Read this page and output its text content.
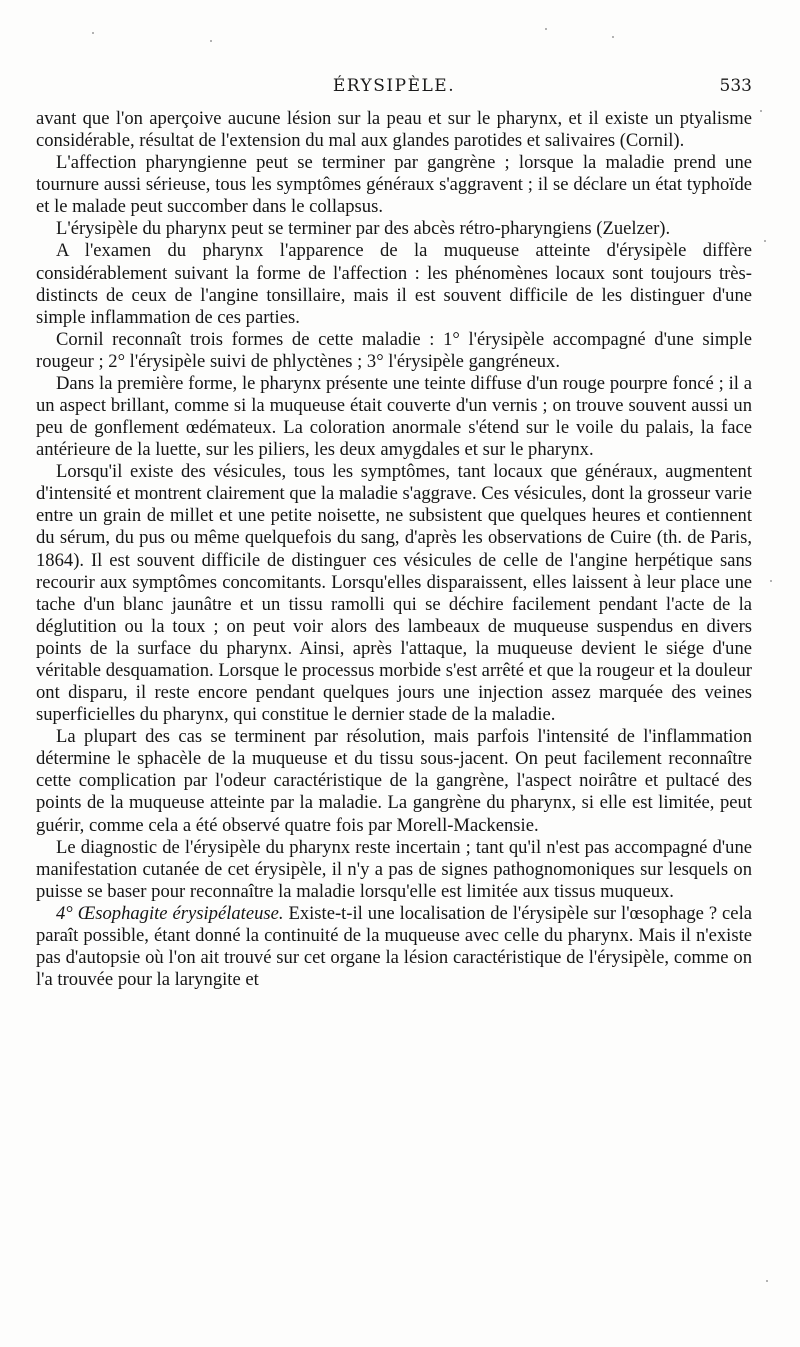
ÉRYSIPÈLE.	533

avant que l'on aperçoive aucune lésion sur la peau et sur le pharynx, et il existe un ptyalisme considérable, résultat de l'extension du mal aux glandes parotides et salivaires (Cornil).

L'affection pharyngienne peut se terminer par gangrène ; lorsque la maladie prend une tournure aussi sérieuse, tous les symptômes généraux s'aggravent ; il se déclare un état typhoïde et le malade peut succomber dans le collapsus.

L'érysipèle du pharynx peut se terminer par des abcès rétro-pharyngiens (Zuelzer).

A l'examen du pharynx l'apparence de la muqueuse atteinte d'érysipèle diffère considérablement suivant la forme de l'affection : les phénomènes locaux sont toujours très-distincts de ceux de l'angine tonsillaire, mais il est souvent difficile de les distinguer d'une simple inflammation de ces parties.

Cornil reconnaît trois formes de cette maladie : 1° l'érysipèle accompagné d'une simple rougeur ; 2° l'érysipèle suivi de phlyctènes ; 3° l'érysipèle gangréneux.

Dans la première forme, le pharynx présente une teinte diffuse d'un rouge pourpre foncé ; il a un aspect brillant, comme si la muqueuse était couverte d'un vernis ; on trouve souvent aussi un peu de gonflement œdémateux. La coloration anormale s'étend sur le voile du palais, la face antérieure de la luette, sur les piliers, les deux amygdales et sur le pharynx.

Lorsqu'il existe des vésicules, tous les symptômes, tant locaux que généraux, augmentent d'intensité et montrent clairement que la maladie s'aggrave. Ces vésicules, dont la grosseur varie entre un grain de millet et une petite noisette, ne subsistent que quelques heures et contiennent du sérum, du pus ou même quelquefois du sang, d'après les observations de Cuire (th. de Paris, 1864). Il est souvent difficile de distinguer ces vésicules de celle de l'angine herpétique sans recourir aux symptômes concomitants. Lorsqu'elles disparaissent, elles laissent à leur place une tache d'un blanc jaunâtre et un tissu ramolli qui se déchire facilement pendant l'acte de la déglutition ou la toux ; on peut voir alors des lambeaux de muqueuse suspendus en divers points de la surface du pharynx. Ainsi, après l'attaque, la muqueuse devient le siége d'une véritable desquamation. Lorsque le processus morbide s'est arrêté et que la rougeur et la douleur ont disparu, il reste encore pendant quelques jours une injection assez marquée des veines superficielles du pharynx, qui constitue le dernier stade de la maladie.

La plupart des cas se terminent par résolution, mais parfois l'intensité de l'inflammation détermine le sphacèle de la muqueuse et du tissu sous-jacent. On peut facilement reconnaître cette complication par l'odeur caractéristique de la gangrène, l'aspect noirâtre et pultacé des points de la muqueuse atteinte par la maladie. La gangrène du pharynx, si elle est limitée, peut guérir, comme cela a été observé quatre fois par Morell-Mackensie.

Le diagnostic de l'érysipèle du pharynx reste incertain ; tant qu'il n'est pas accompagné d'une manifestation cutanée de cet érysipèle, il n'y a pas de signes pathognomoniques sur lesquels on puisse se baser pour reconnaître la maladie lorsqu'elle est limitée aux tissus muqueux.

4° Œsophagite érysipélateuse. Existe-t-il une localisation de l'érysipèle sur l'œsophage ? cela paraît possible, étant donné la continuité de la muqueuse avec celle du pharynx. Mais il n'existe pas d'autopsie où l'on ait trouvé sur cet organe la lésion caractéristique de l'érysipèle, comme on l'a trouvée pour la laryngite et
